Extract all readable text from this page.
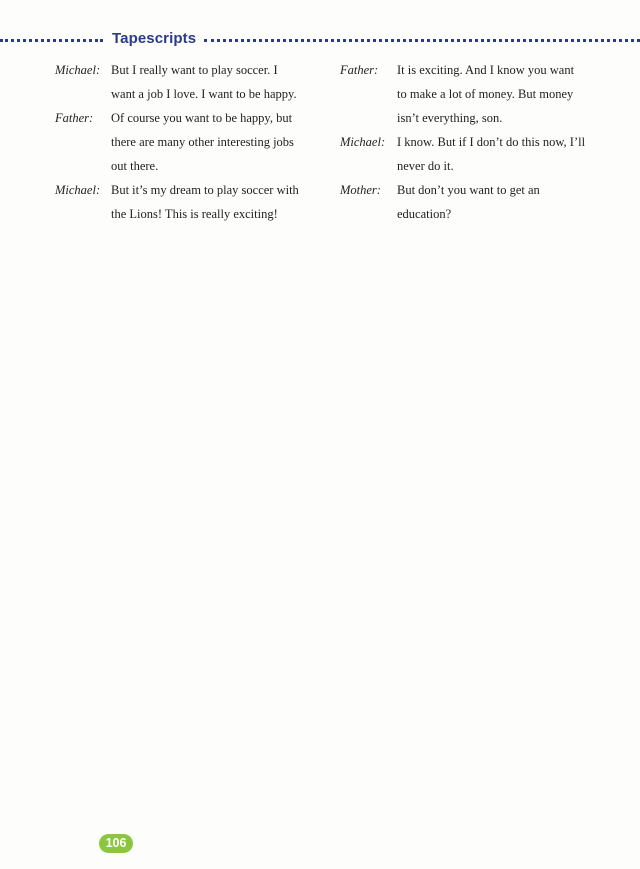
Tapescripts
Michael: But I really want to play soccer. I
want a job I love. I want to be happy.
Father:	Of course you want to be happy, but
there are many other interesting jobs
out there.
Michael: But it’s my dream to play soccer with
the Lions! This is really exciting!
Father:	It is exciting. And I know you want
to make a lot of money. But money
isn’t everything, son.
Michael: I know. But if I don’t do this now, I’ll
never do it.
Mother:	But don’t you want to get an
education?
106
